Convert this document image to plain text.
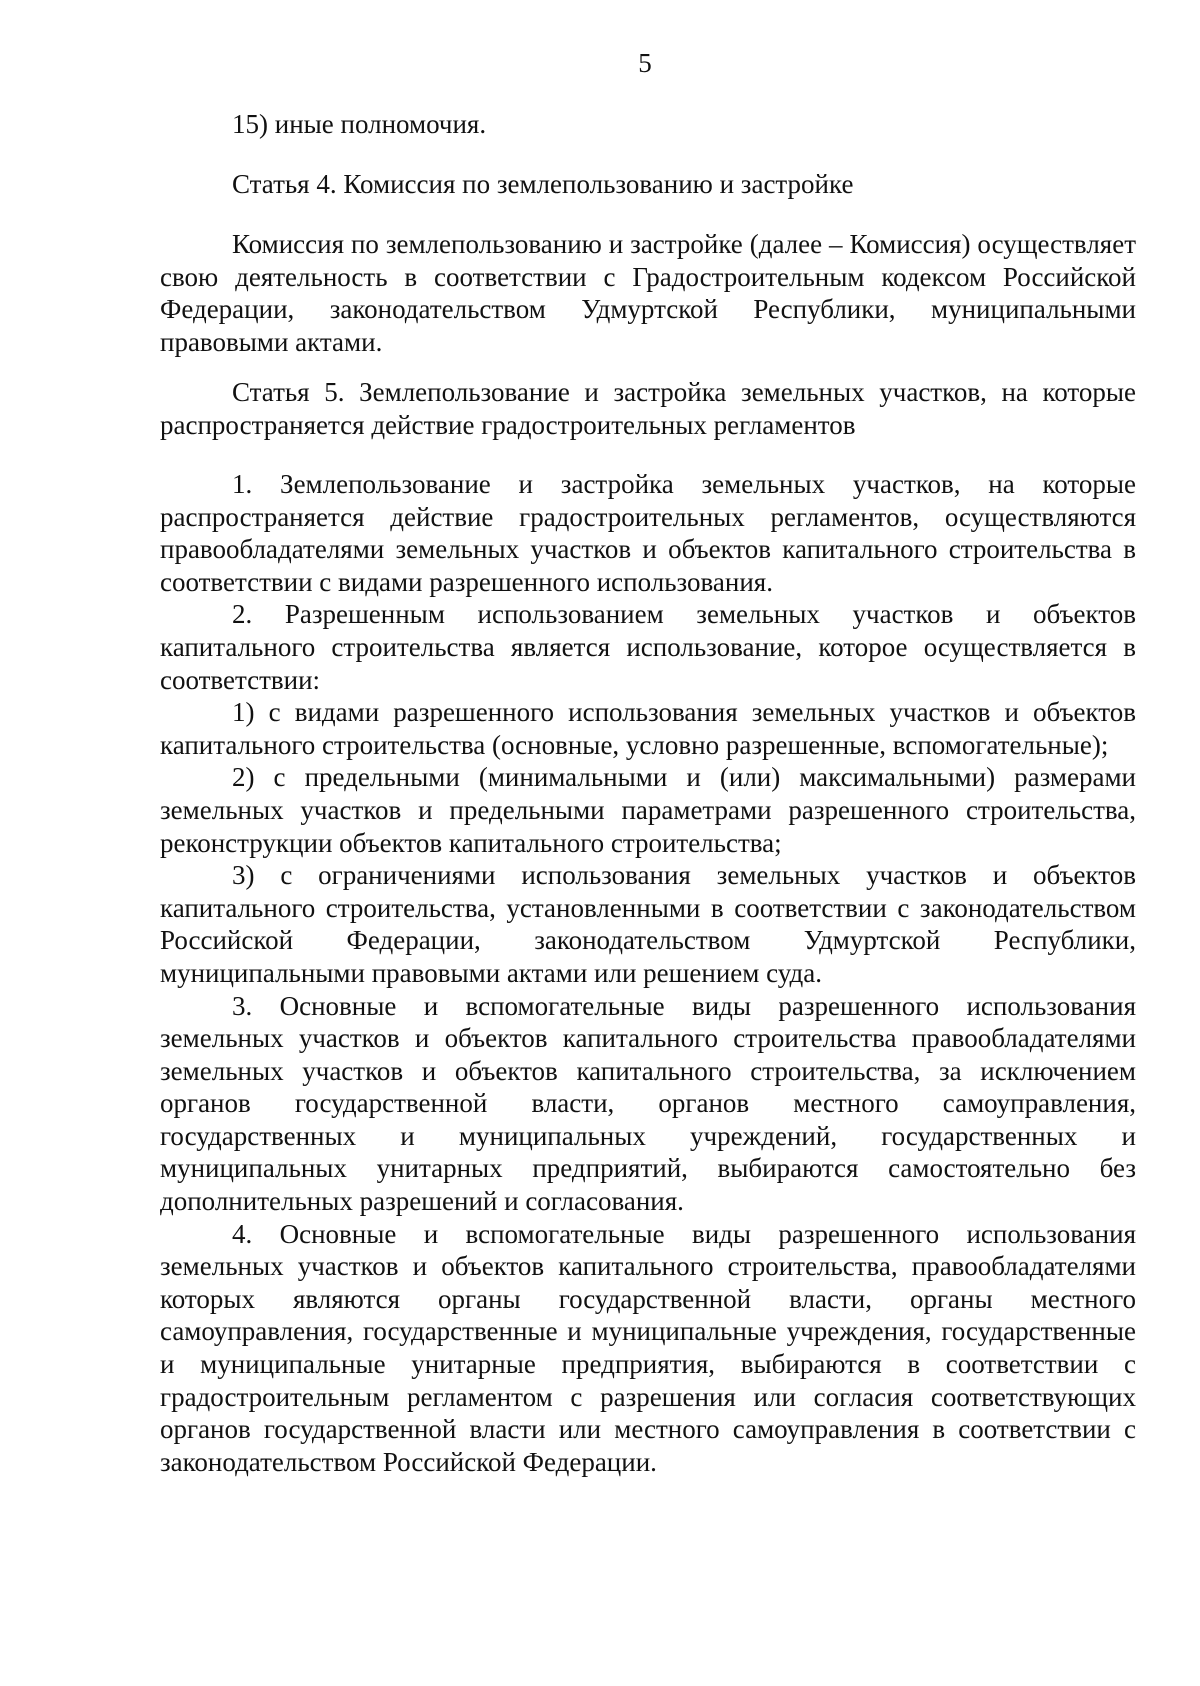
5
15) иные полномочия.
Статья 4. Комиссия по землепользованию и застройке
Комиссия по землепользованию и застройке (далее – Комиссия) осуществляет свою деятельность в соответствии с Градостроительным кодексом Российской Федерации, законодательством Удмуртской Республики, муниципальными правовыми актами.
Статья 5. Землепользование и застройка земельных участков, на которые распространяется действие градостроительных регламентов

1. Землепользование и застройка земельных участков, на которые распространяется действие градостроительных регламентов, осуществляются правообладателями земельных участков и объектов капитального строительства в соответствии с видами разрешенного использования.

2. Разрешенным использованием земельных участков и объектов капитального строительства является использование, которое осуществляется в соответствии:

1) с видами разрешенного использования земельных участков и объектов капитального строительства (основные, условно разрешенные, вспомогательные);

2) с предельными (минимальными и (или) максимальными) размерами земельных участков и предельными параметрами разрешенного строительства, реконструкции объектов капитального строительства;

3) с ограничениями использования земельных участков и объектов капитального строительства, установленными в соответствии с законодательством Российской Федерации, законодательством Удмуртской Республики, муниципальными правовыми актами или решением суда.

3. Основные и вспомогательные виды разрешенного использования земельных участков и объектов капитального строительства правообладателями земельных участков и объектов капитального строительства, за исключением органов государственной власти, органов местного самоуправления, государственных и муниципальных учреждений, государственных и муниципальных унитарных предприятий, выбираются самостоятельно без дополнительных разрешений и согласования.

4. Основные и вспомогательные виды разрешенного использования земельных участков и объектов капитального строительства, правообладателями которых являются органы государственной власти, органы местного самоуправления, государственные и муниципальные учреждения, государственные и муниципальные унитарные предприятия, выбираются в соответствии с градостроительным регламентом с разрешения или согласия соответствующих органов государственной власти или местного самоуправления в соответствии с законодательством Российской Федерации.
